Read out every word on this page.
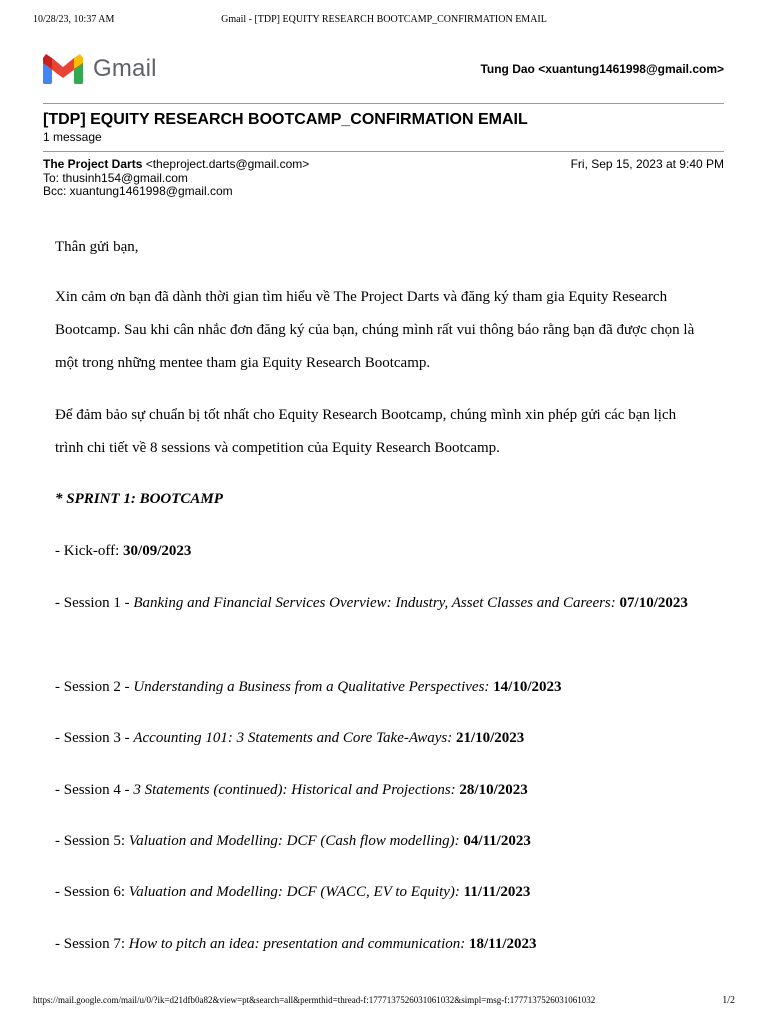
10/28/23, 10:37 AM	Gmail - [TDP] EQUITY RESEARCH BOOTCAMP_CONFIRMATION EMAIL
Gmail	Tung Dao <xuantung1461998@gmail.com>
[TDP] EQUITY RESEARCH BOOTCAMP_CONFIRMATION EMAIL
1 message
The Project Darts <theproject.darts@gmail.com>	Fri, Sep 15, 2023 at 9:40 PM
To: thusinh154@gmail.com
Bcc: xuantung1461998@gmail.com

Thân gửi bạn,

Xin cảm ơn bạn đã dành thời gian tìm hiểu về The Project Darts và đăng ký tham gia Equity Research Bootcamp. Sau khi cân nhắc đơn đăng ký của bạn, chúng mình rất vui thông báo rằng bạn đã được chọn là một trong những mentee tham gia Equity Research Bootcamp.

Để đảm bảo sự chuẩn bị tốt nhất cho Equity Research Bootcamp, chúng mình xin phép gửi các bạn lịch trình chi tiết về 8 sessions và competition của Equity Research Bootcamp.

* SPRINT 1: BOOTCAMP

- Kick-off: 30/09/2023

- Session 1 - Banking and Financial Services Overview: Industry, Asset Classes and Careers: 07/10/2023

- Session 2 - Understanding a Business from a Qualitative Perspectives: 14/10/2023

- Session 3 - Accounting 101: 3 Statements and Core Take-Aways: 21/10/2023

- Session 4 - 3 Statements (continued): Historical and Projections: 28/10/2023

- Session 5: Valuation and Modelling: DCF (Cash flow modelling): 04/11/2023

- Session 6: Valuation and Modelling: DCF (WACC, EV to Equity): 11/11/2023

- Session 7: How to pitch an idea: presentation and communication: 18/11/2023

https://mail.google.com/mail/u/0/?ik=d21dfb0a82&view=pt&search=all&permthid=thread-f:1777137526031061032&simpl=msg-f:1777137526031061032	1/2
